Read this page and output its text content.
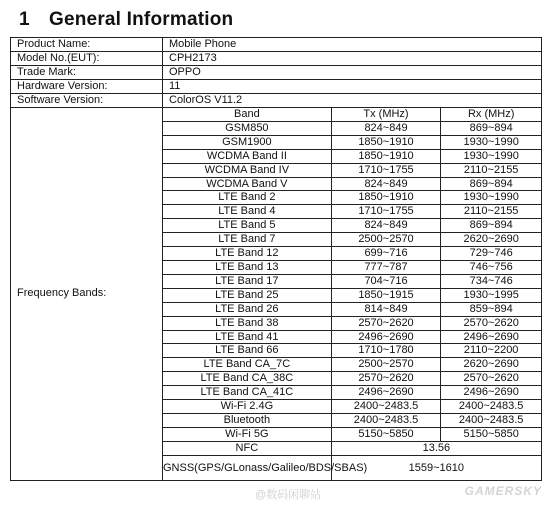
1 General Information
Product Name:	Mobile Phone
Model No.(EUT):	CPH2173
Trade Mark:	OPPO
Hardware Version:	11
Software Version:	ColorOS V11.2
Frequency Bands:	
Band	Tx (MHz)	Rx (MHz)
GSM850	824~849	869~894
GSM1900	1850~1910	1930~1990
WCDMA Band II	1850~1910	1930~1990
WCDMA Band IV	1710~1755	2110~2155
WCDMA Band V	824~849	869~894
LTE Band 2	1850~1910	1930~1990
LTE Band 4	1710~1755	2110~2155
LTE Band 5	824~849	869~894
LTE Band 7	2500~2570	2620~2690
LTE Band 12	699~716	729~746
LTE Band 13	777~787	746~756
LTE Band 17	704~716	734~746
LTE Band 25	1850~1915	1930~1995
LTE Band 26	814~849	859~894
LTE Band 38	2570~2620	2570~2620
LTE Band 41	2496~2690	2496~2690
LTE Band 66	1710~1780	2110~2200
LTE Band CA_7C	2500~2570	2620~2690
LTE Band CA_38C	2570~2620	2570~2620
LTE Band CA_41C	2496~2690	2496~2690
Wi-Fi 2.4G	2400~2483.5	2400~2483.5
Bluetooth	2400~2483.5	2400~2483.5
Wi-Fi 5G	5150~5850	5150~5850
NFC	13.56
GNSS(GPS/GLonass/Galileo/BDS/SBAS)	1559~1610
@数码闲聊站	GAMERSKY
